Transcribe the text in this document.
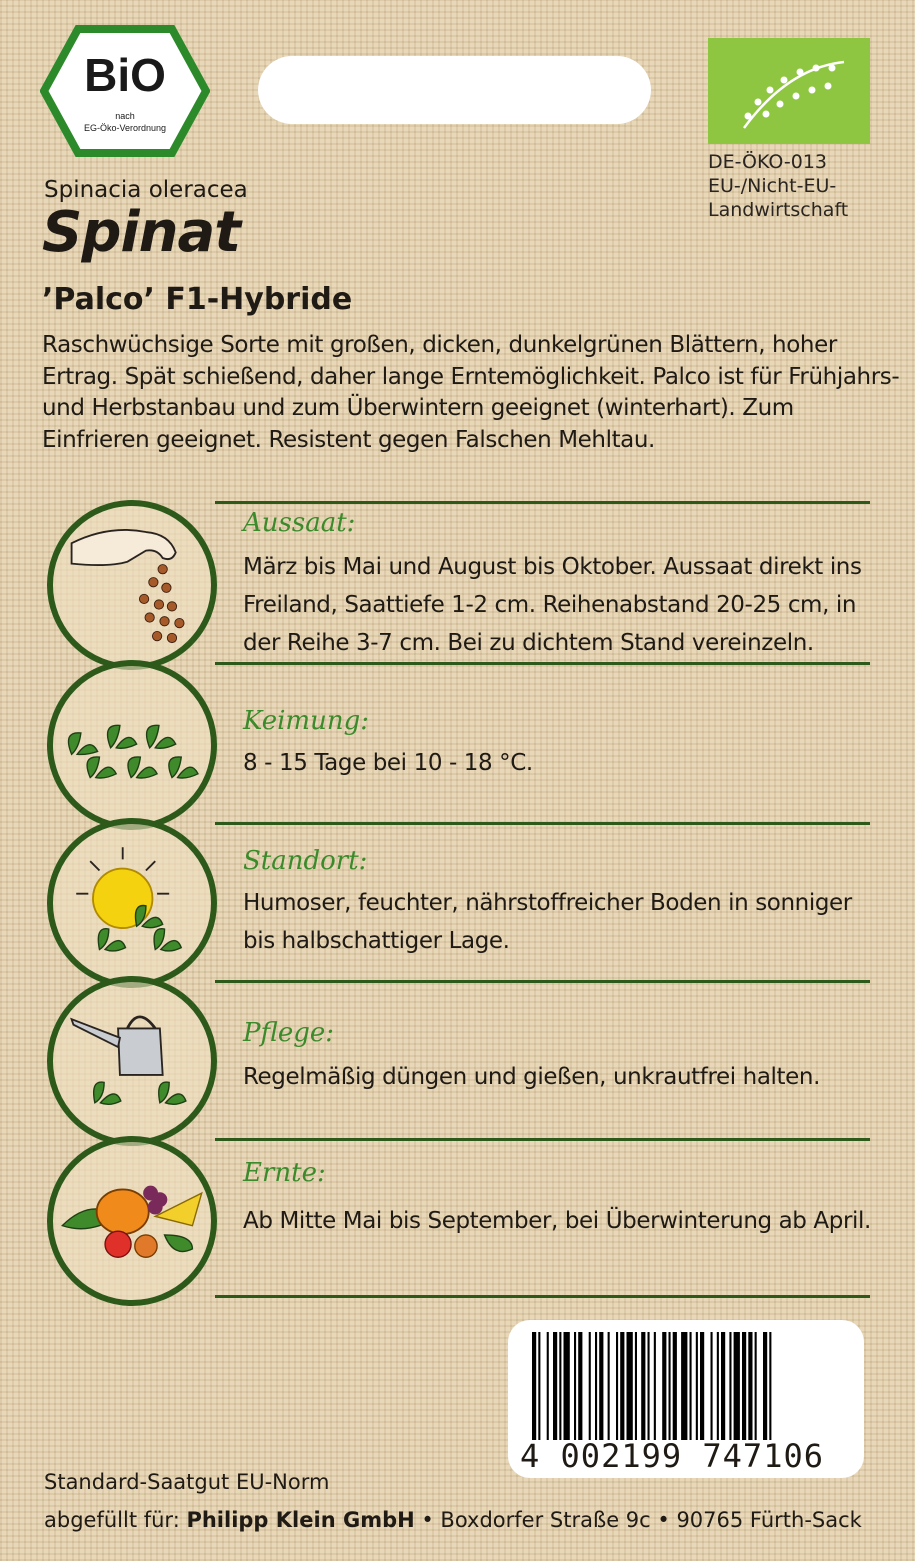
BiO
nach
EG-Öko-Verordnung
DE-ÖKO-013
EU-/Nicht-EU-
Landwirtschaft
Spinacia oleracea
Spinat
’Palco’ F1-Hybride
Raschwüchsige Sorte mit großen, dicken, dunkelgrünen Blättern, hoher Ertrag. Spät schießend, daher lange Erntemöglichkeit. Palco ist für Frühjahrs- und Herbstanbau und zum Überwintern geeignet (winterhart). Zum Einfrieren geeignet. Resistent gegen Falschen Mehltau.
Aussaat:
März bis Mai und August bis Oktober. Aussaat direkt ins Freiland, Saattiefe 1-2 cm. Reihenabstand 20-25 cm, in der Reihe 3-7 cm. Bei zu dichtem Stand vereinzeln.
Keimung:
8 - 15 Tage bei 10 - 18 °C.
Standort:
Humoser, feuchter, nährstoffreicher Boden in sonniger bis halbschattiger Lage.
Pflege:
Regelmäßig düngen und gießen, unkrautfrei halten.
Ernte:
Ab Mitte Mai bis September, bei Überwinterung ab April.
4 002199 747106
Standard-Saatgut EU-Norm
abgefüllt für: Philipp Klein GmbH • Boxdorfer Straße 9c • 90765 Fürth-Sack
